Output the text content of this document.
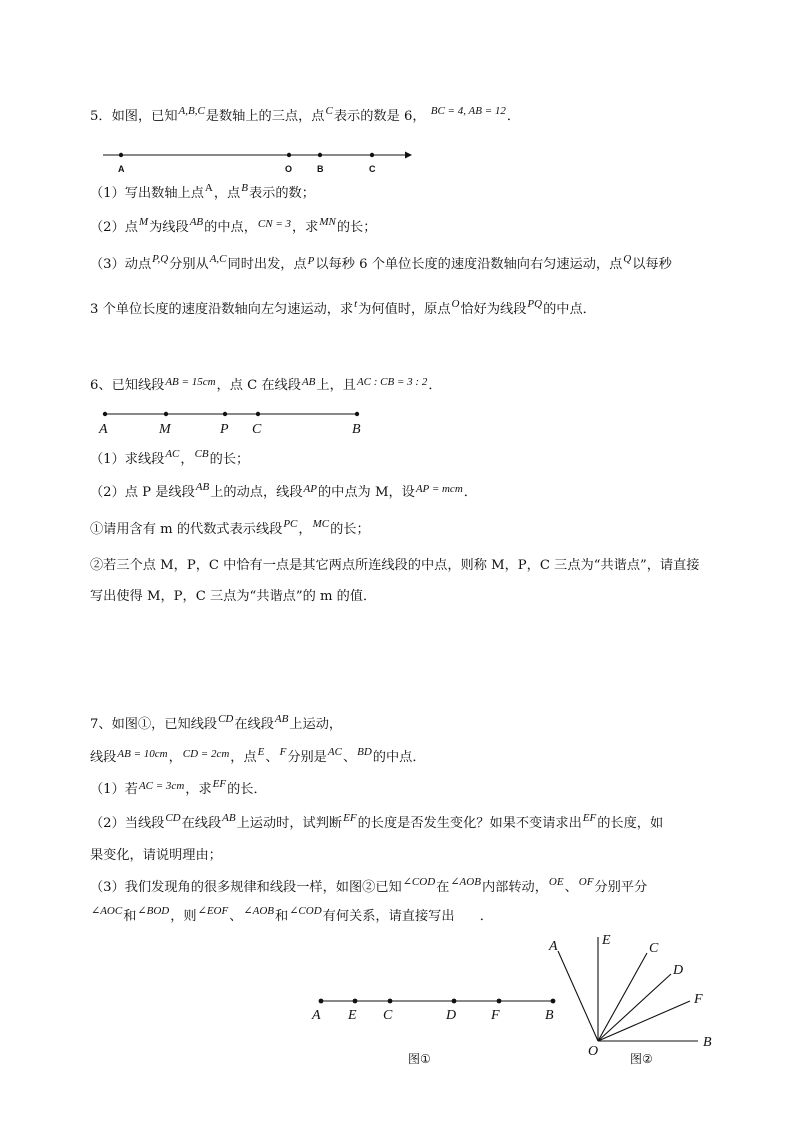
5．如图，已知$^{A,B,C}$是数轴上的三点，点$^C$表示的数是 6， $^{BC = 4, AB = 12}$．
（1）写出数轴上点$^A$，点$^B$表示的数；
（2）点$^M$为线段$^{AB}$的中点，$^{CN = 3}$，求$^{MN}$的长；
（3）动点$^{P,Q}$分别从$^{A,C}$同时出发，点$^P$以每秒 6 个单位长度的速度沿数轴向右匀速运动，点$^Q$以每秒
3 个单位长度的速度沿数轴向左匀速运动，求$^t$为何值时，原点$^O$恰好为线段$^{PQ}$的中点．
6、已知线段$^{AB = 15cm}$，点 C 在线段$^{AB}$上，且$^{AC : CB = 3 : 2}$．
（1）求线段$^{AC}$，$^{CB}$的长；
（2）点 P 是线段$^{AB}$上的动点，线段$^{AP}$的中点为 M，设$^{AP = mcm}$．
①请用含有 m 的代数式表示线段$^{PC}$，$^{MC}$的长；
②若三个点 M，P，C 中恰有一点是其它两点所连线段的中点，则称 M，P，C 三点为“共谐点”，请直接
写出使得 M，P，C 三点为“共谐点”的 m 的值．
7、如图①，已知线段$^{CD}$在线段$^{AB}$上运动，
线段$^{AB = 10cm}$，$^{CD = 2cm}$，点$^E$、$^F$分别是$^{AC}$、$^{BD}$的中点．
（1）若$^{AC = 3cm}$，求$^{EF}$的长．
（2）当线段$^{CD}$在线段$^{AB}$上运动时，试判断$^{EF}$的长度是否发生变化？如果不变请求出$^{EF}$的长度，如
果变化，请说明理由；
（3）我们发现角的很多规律和线段一样，如图②已知$^{\angle COD}$在$^{\angle AOB}$内部转动，$^{OE}$、$^{OF}$分别平分
$^{\angle AOC}$和$^{\angle BOD}$，则$^{\angle EOF}$、$^{\angle AOB}$和$^{\angle COD}$有何关系，请直接写出 ．
A	O	B	C
A	M	P C	B
A E C	D F	B
图①
A	E
C
D
F
B
O	图②
